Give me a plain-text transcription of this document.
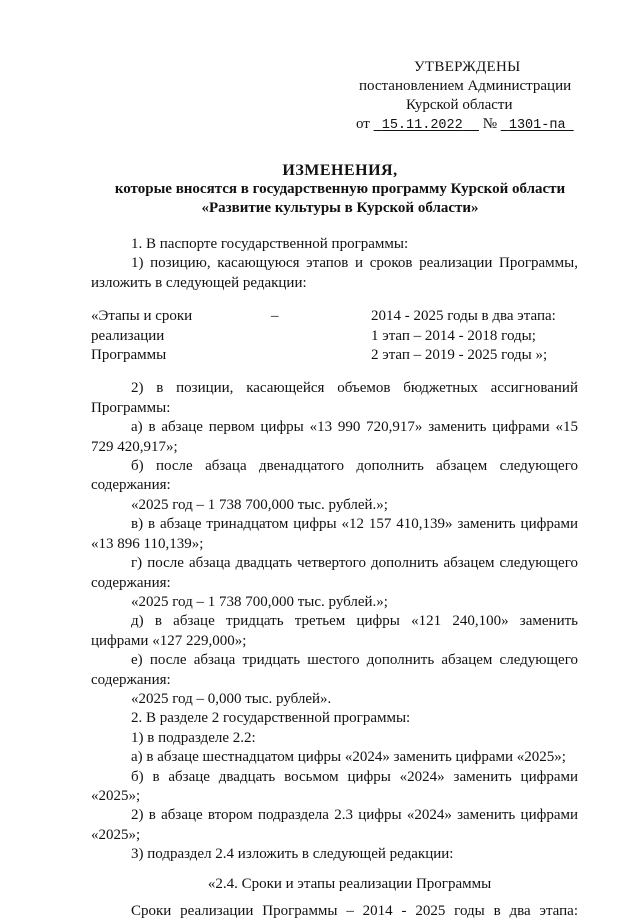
УТВЕРЖДЕНЫ
постановлением Администрации
Курской области
от 15.11.2022 № 1301-па
ИЗМЕНЕНИЯ,
которые вносятся в государственную программу Курской области
«Развитие культуры в Курской области»

1. В паспорте государственной программы:

1) позицию, касающуюся этапов и сроков реализации Программы, изложить в следующей редакции:

«Этапы и сроки
реализации
Программы
–	2014 - 2025 годы в два этапа:
1 этап – 2014 - 2018 годы;
2 этап – 2019 - 2025 годы »;

2) в позиции, касающейся объемов бюджетных ассигнований Программы:

а) в абзаце первом цифры «13 990 720,917» заменить цифрами «15 729 420,917»;

б) после абзаца двенадцатого дополнить абзацем следующего содержания:

«2025 год – 1 738 700,000 тыс. рублей.»;

в) в абзаце тринадцатом цифры «12 157 410,139» заменить цифрами «13 896 110,139»;

г) после абзаца двадцать четвертого дополнить абзацем следующего содержания:

«2025 год – 1 738 700,000 тыс. рублей.»;

д) в абзаце тридцать третьем цифры «121 240,100» заменить цифрами «127 229,000»;

е) после абзаца тридцать шестого дополнить абзацем следующего содержания:

«2025 год – 0,000 тыс. рублей».

2. В разделе 2 государственной программы:

1) в подразделе 2.2:

а) в абзаце шестнадцатом цифры «2024» заменить цифрами «2025»;

б) в абзаце двадцать восьмом цифры «2024» заменить цифрами «2025»;

2) в абзаце втором подраздела 2.3 цифры «2024» заменить цифрами «2025»;

3) подраздел 2.4 изложить в следующей редакции:

«2.4. Сроки и этапы реализации Программы

Сроки реализации Программы – 2014 - 2025 годы в два этапа:
